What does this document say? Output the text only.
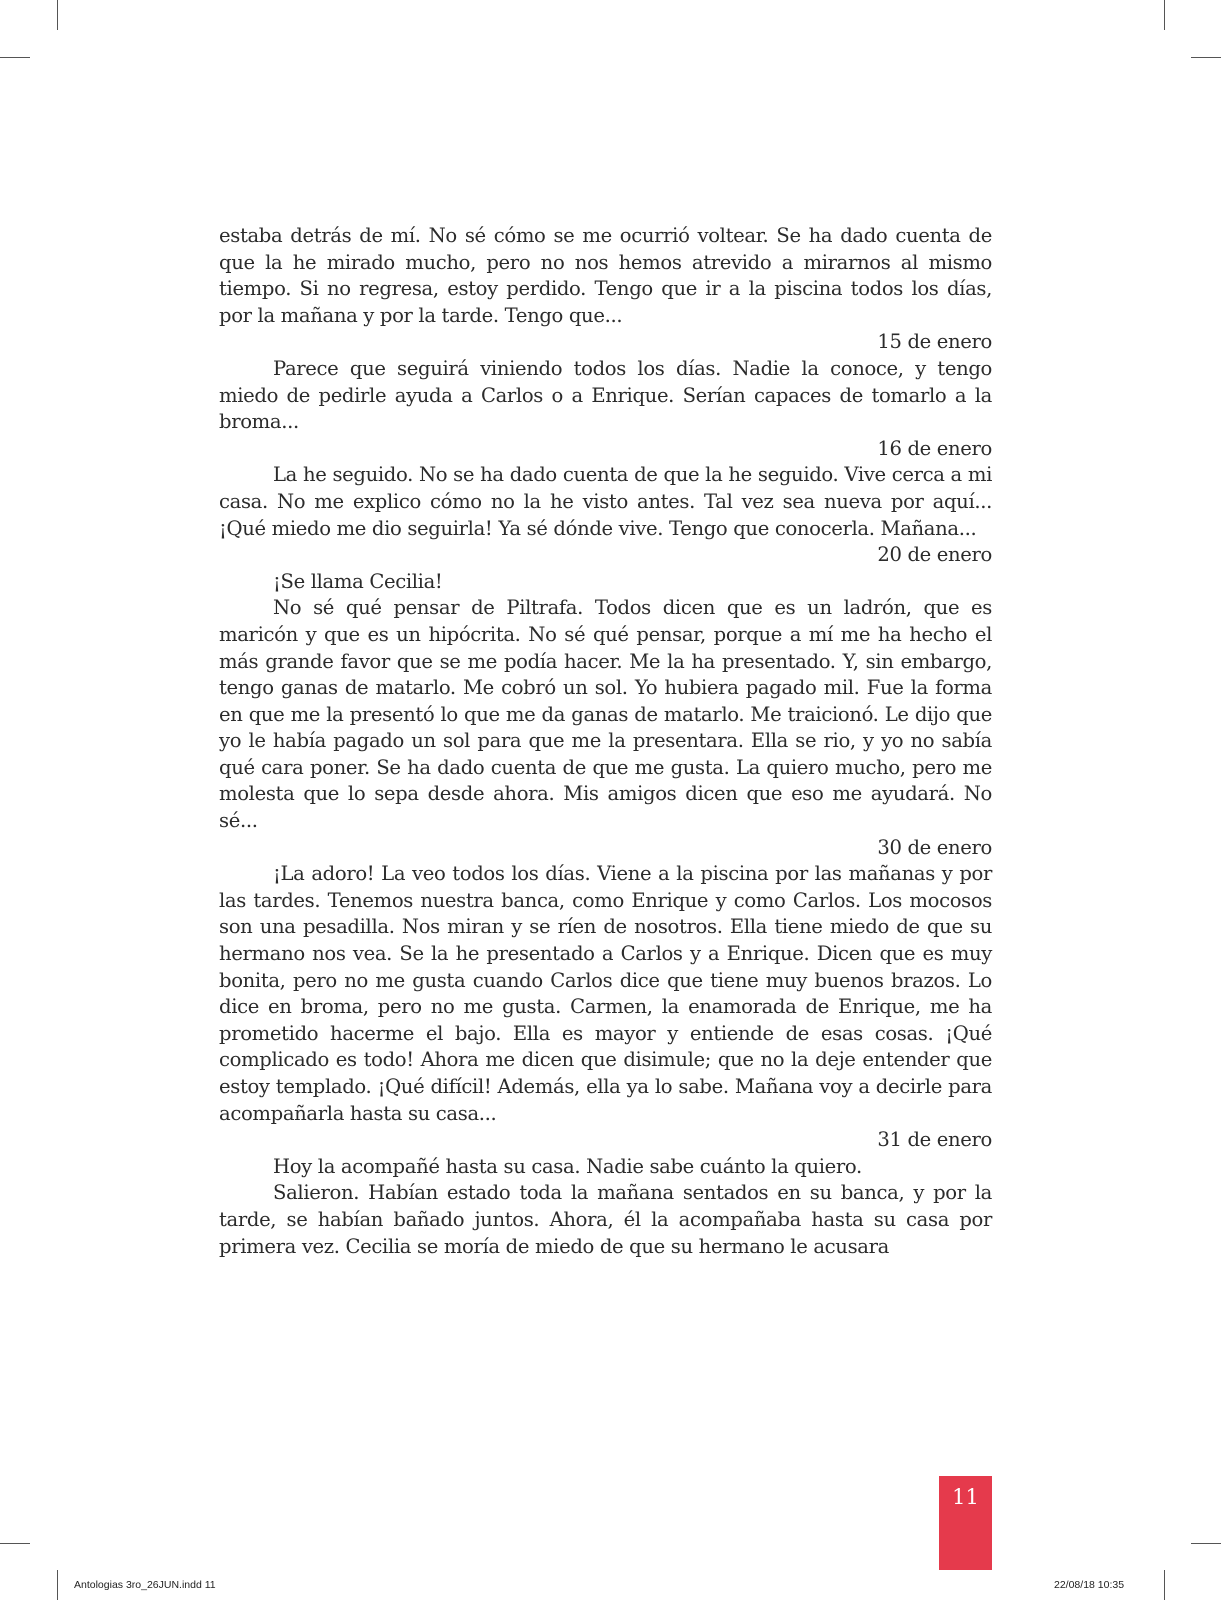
estaba detrás de mí. No sé cómo se me ocurrió voltear. Se ha dado cuenta de que la he mirado mucho, pero no nos hemos atrevido a mirarnos al mismo tiempo. Si no regresa, estoy perdido. Tengo que ir a la piscina todos los días, por la mañana y por la tarde. Tengo que...

15 de enero

Parece que seguirá viniendo todos los días. Nadie la conoce, y tengo miedo de pedirle ayuda a Carlos o a Enrique. Serían capaces de tomarlo a la broma...

16 de enero

La he seguido. No se ha dado cuenta de que la he seguido. Vive cerca a mi casa. No me explico cómo no la he visto antes. Tal vez sea nueva por aquí... ¡Qué miedo me dio seguirla! Ya sé dónde vive. Tengo que conocerla. Mañana...

20 de enero

¡Se llama Cecilia!

No sé qué pensar de Piltrafa. Todos dicen que es un ladrón, que es maricón y que es un hipócrita. No sé qué pensar, porque a mí me ha hecho el más grande favor que se me podía hacer. Me la ha presentado. Y, sin embargo, tengo ganas de matarlo. Me cobró un sol. Yo hubiera pagado mil. Fue la forma en que me la presentó lo que me da ganas de matarlo. Me traicionó. Le dijo que yo le había pagado un sol para que me la presentara. Ella se rio, y yo no sabía qué cara poner. Se ha dado cuenta de que me gusta. La quiero mucho, pero me molesta que lo sepa desde ahora. Mis amigos dicen que eso me ayudará. No sé...

30 de enero

¡La adoro! La veo todos los días. Viene a la piscina por las mañanas y por las tardes. Tenemos nuestra banca, como Enrique y como Carlos. Los mocosos son una pesadilla. Nos miran y se ríen de nosotros. Ella tiene miedo de que su hermano nos vea. Se la he presentado a Carlos y a Enrique. Dicen que es muy bonita, pero no me gusta cuando Carlos dice que tiene muy buenos brazos. Lo dice en broma, pero no me gusta. Carmen, la enamorada de Enrique, me ha prometido hacerme el bajo. Ella es mayor y entiende de esas cosas. ¡Qué complicado es todo! Ahora me dicen que disimule; que no la deje entender que estoy templado. ¡Qué difícil! Además, ella ya lo sabe. Mañana voy a decirle para acompañarla hasta su casa...

31 de enero

Hoy la acompañé hasta su casa. Nadie sabe cuánto la quiero.

Salieron. Habían estado toda la mañana sentados en su banca, y por la tarde, se habían bañado juntos. Ahora, él la acompañaba hasta su casa por primera vez. Cecilia se moría de miedo de que su hermano le acusara

11
Antologias 3ro_26JUN.indd 11	22/08/18 10:35
